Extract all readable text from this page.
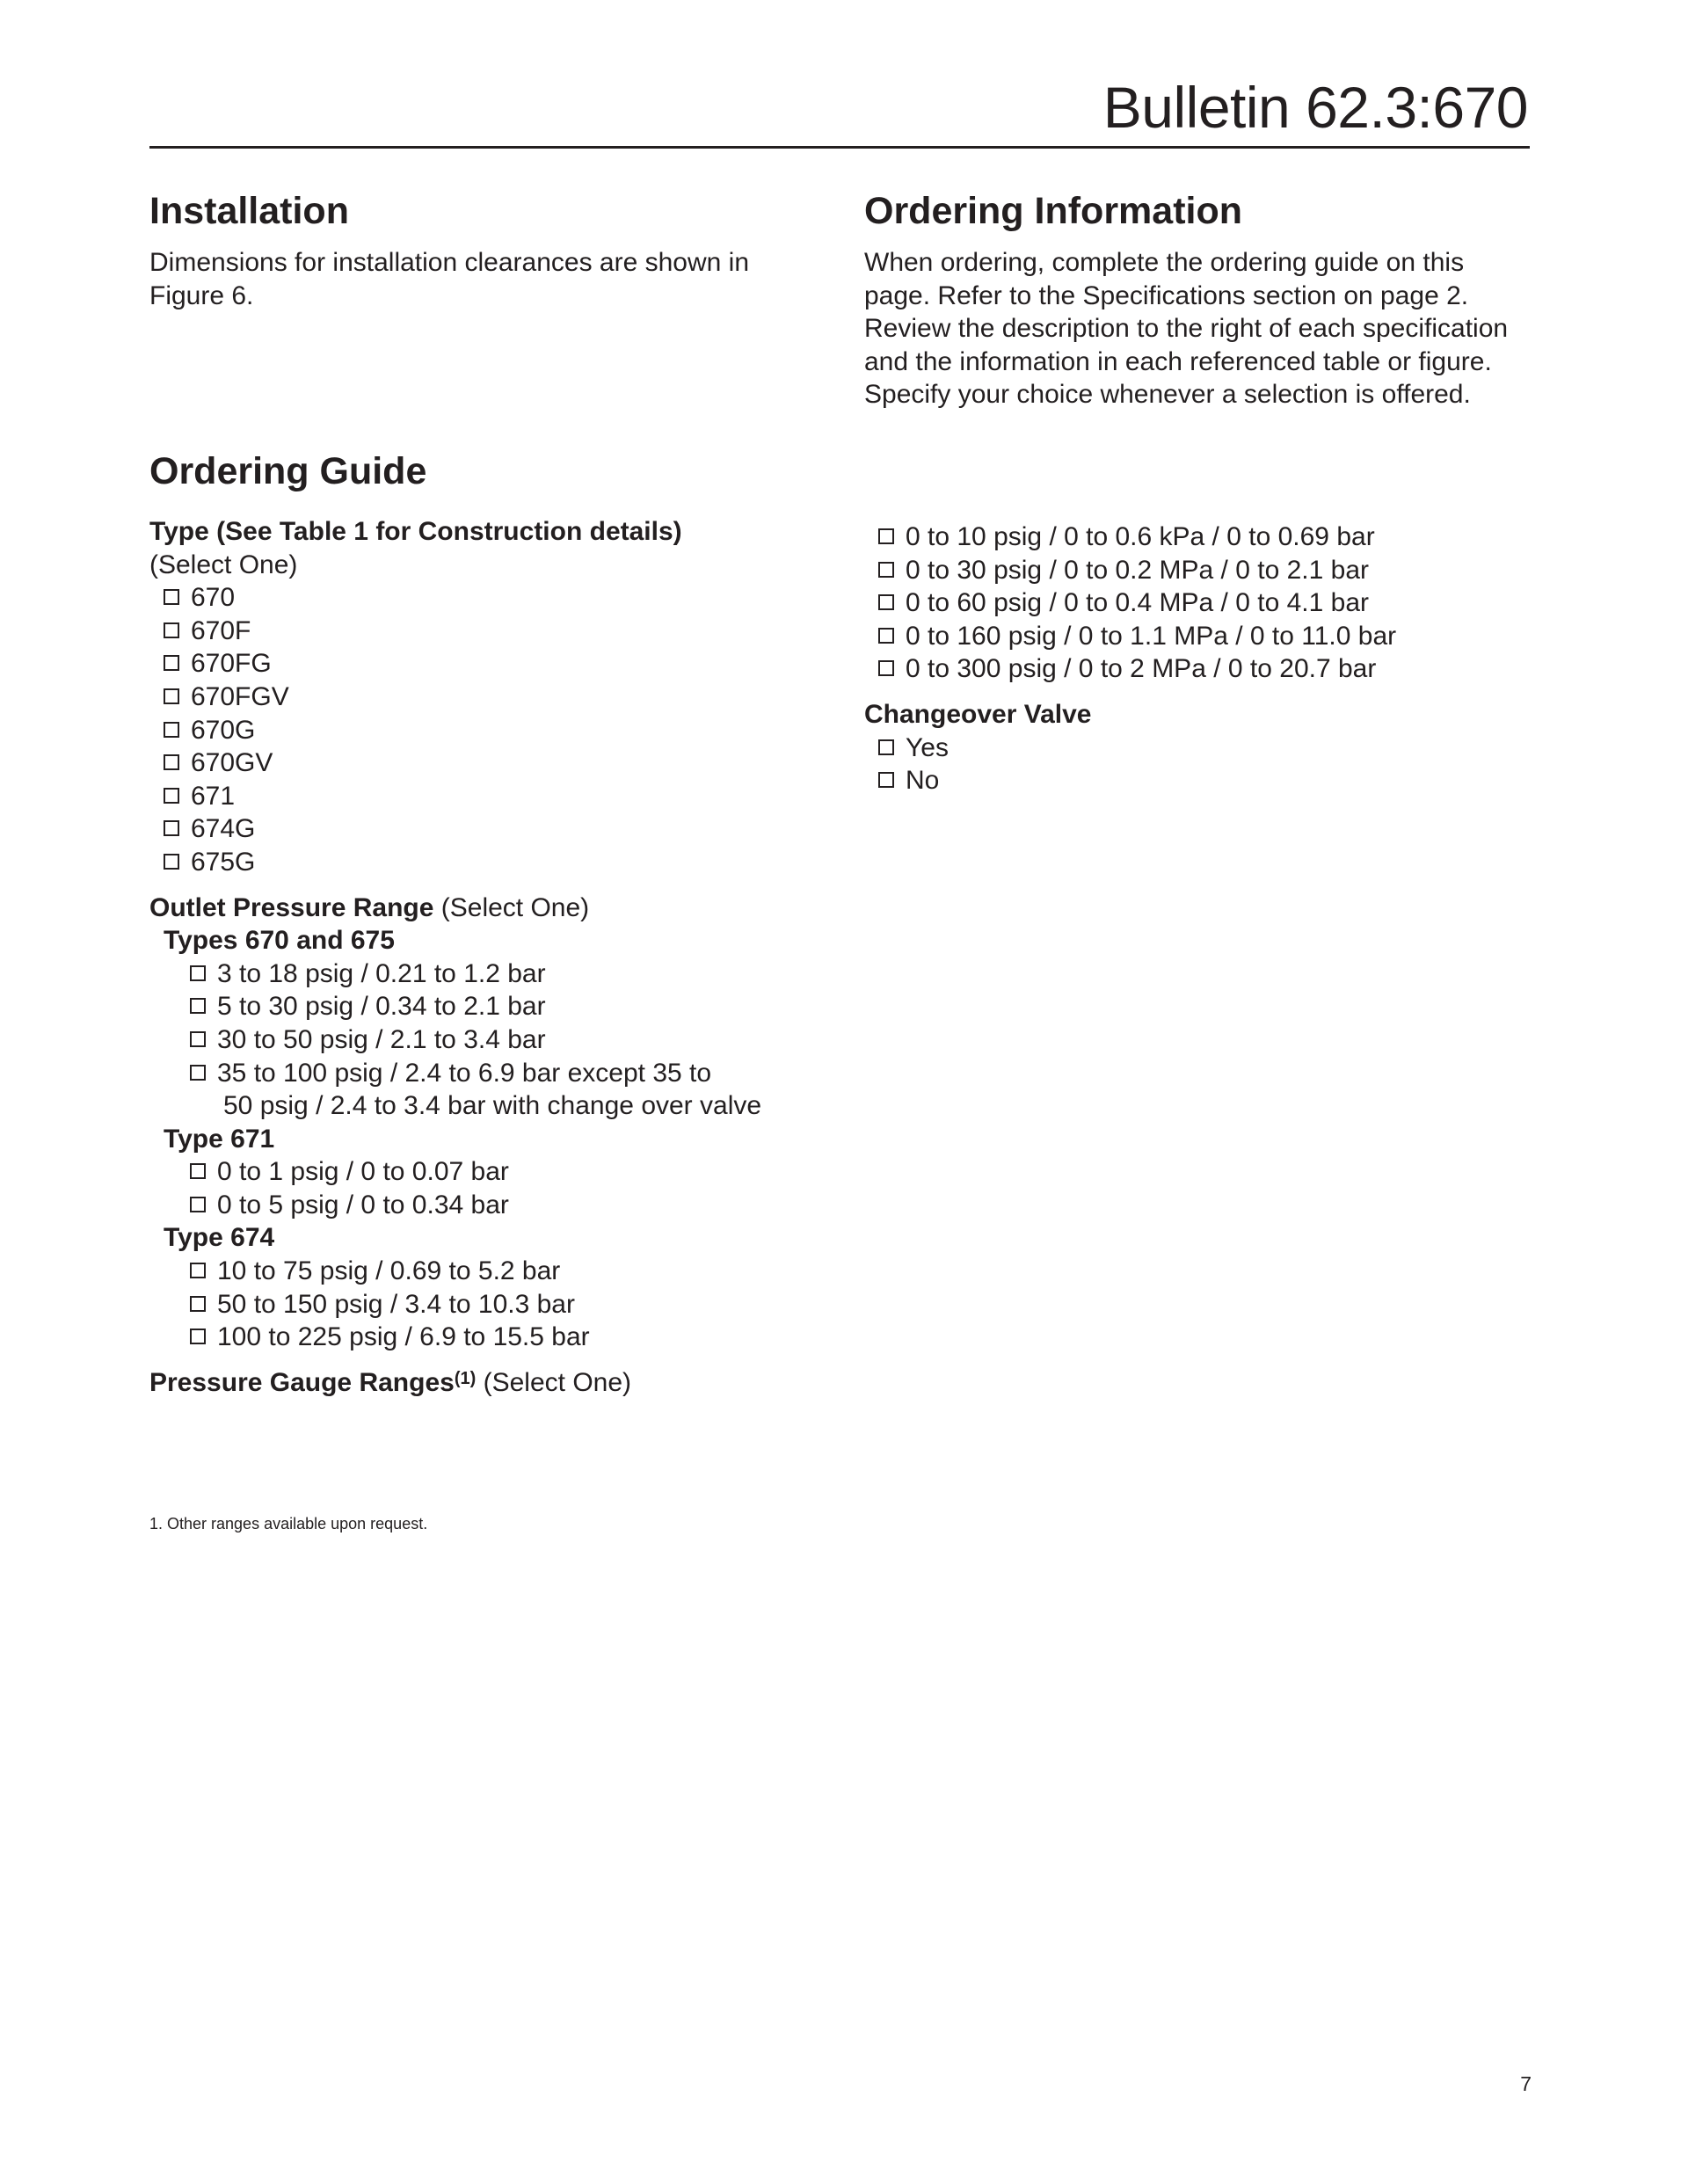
Bulletin 62.3:670
Installation

Dimensions for installation clearances are shown in Figure 6.

Ordering Information

When ordering, complete the ordering guide on this page. Refer to the Specifications section on page 2. Review the description to the right of each specification and the information in each referenced table or figure. Specify your choice whenever a selection is offered.

Ordering Guide
Type (See Table 1 for Construction details)
(Select One)
670
670F
670FG
670FGV
670G
670GV
671
674G
675G
Outlet Pressure Range (Select One)
Types 670 and 675
3 to 18 psig / 0.21 to 1.2 bar
5 to 30 psig / 0.34 to 2.1 bar
30 to 50 psig / 2.1 to 3.4 bar
35 to 100 psig / 2.4 to 6.9 bar except 35 to
50 psig / 2.4 to 3.4 bar with change over valve
Type 671
0 to 1 psig / 0 to 0.07 bar
0 to 5 psig / 0 to 0.34 bar
Type 674
10 to 75 psig / 0.69 to 5.2 bar
50 to 150 psig / 3.4 to 10.3 bar
100 to 225 psig / 6.9 to 15.5 bar
Pressure Gauge Ranges$^{(1)}$ (Select One)
0 to 10 psig / 0 to 0.6 kPa / 0 to 0.69 bar
0 to 30 psig / 0 to 0.2 MPa / 0 to 2.1 bar
0 to 60 psig / 0 to 0.4 MPa / 0 to 4.1 bar
0 to 160 psig / 0 to 1.1 MPa / 0 to 11.0 bar
0 to 300 psig / 0 to 2 MPa / 0 to 20.7 bar
Changeover Valve
Yes
No
1. Other ranges available upon request.
7
